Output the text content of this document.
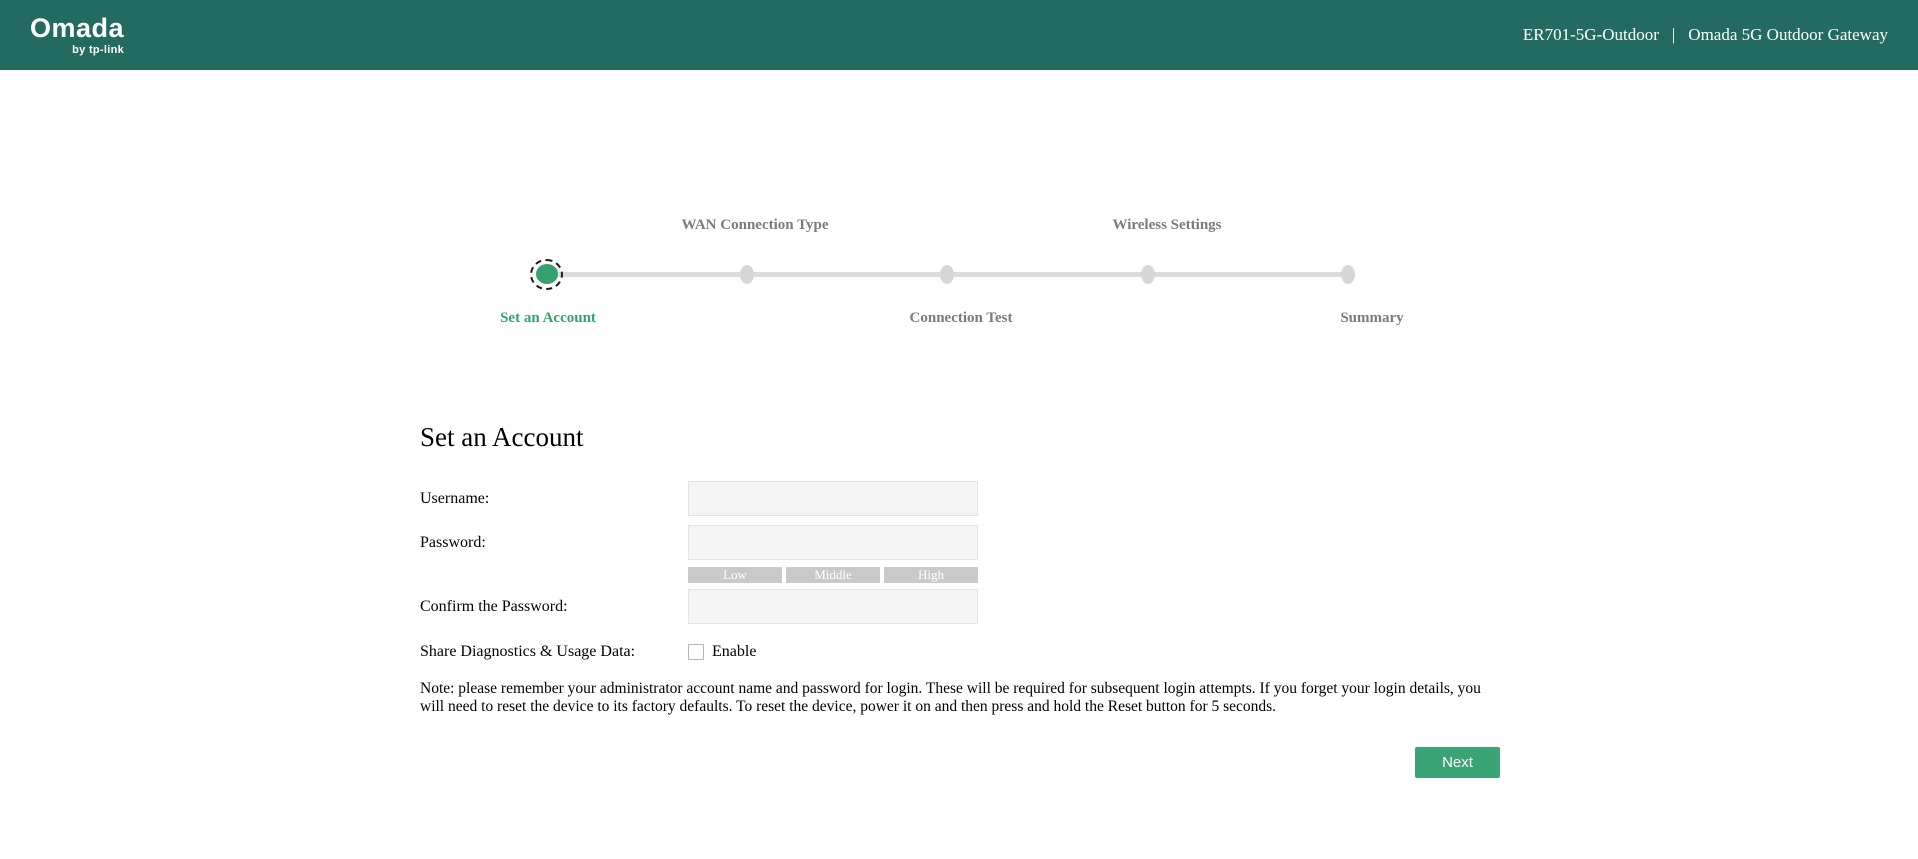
Omada
by tp-link
ER701-5G-Outdoor | Omada 5G Outdoor Gateway
Set an Account
WAN Connection Type
Connection Test
Wireless Settings
Summary
Set an Account
Username:
Password:
Low	Middle	High
Confirm the Password:
Share Diagnostics & Usage Data:	Enable

Note: please remember your administrator account name and password for login. These will be required for subsequent login attempts. If you forget your login details, you will need to reset the device to its factory defaults. To reset the device, power it on and then press and hold the Reset button for 5 seconds.

Next
